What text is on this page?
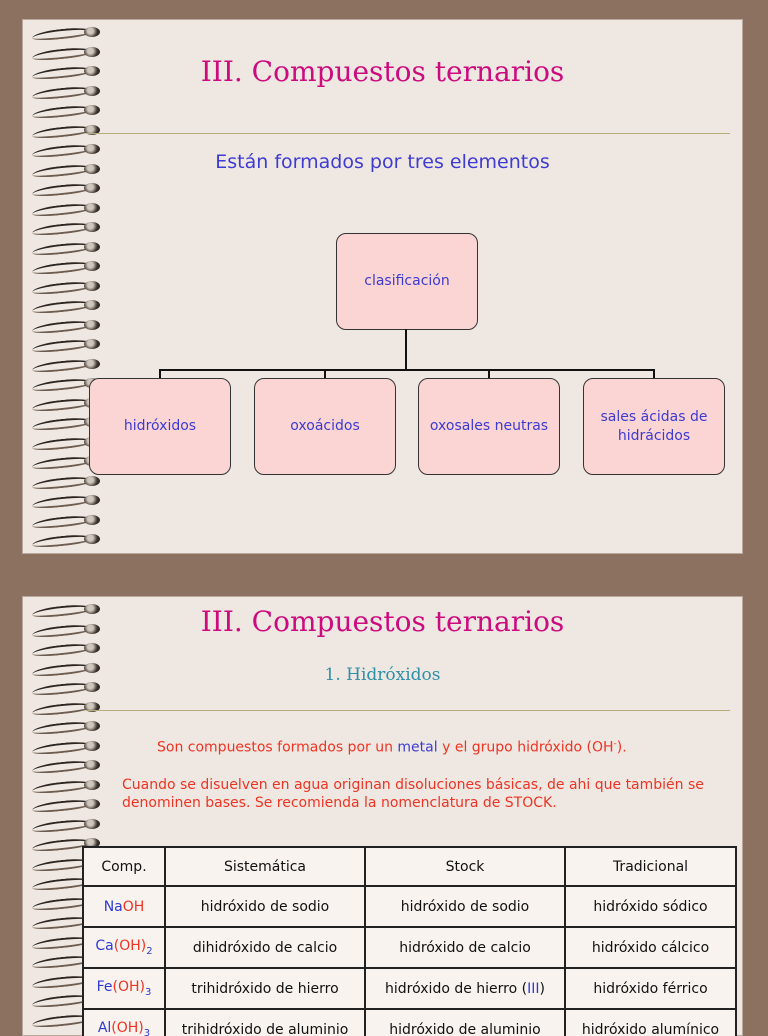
III. Compuestos ternarios
Están formados por tres elementos
clasificación
hidróxidos	oxoácidos	oxosales neutras
sales ácidas de hidrácidos
III. Compuestos ternarios
1. Hidróxidos
Son compuestos formados por un metal y el grupo hidróxido (OH-).
Cuando se disuelven en agua originan disoluciones básicas, de ahi que también se denominen bases. Se recomienda la nomenclatura de STOCK.
Comp.	Sistemática	Stock	Tradicional
NaOH	hidróxido de sodio	hidróxido de sodio	hidróxido sódico
$Ca(OH)_2$	dihidróxido de calcio	hidróxido de calcio	hidróxido cálcico
$Fe(OH)_3$	trihidróxido de hierro	hidróxido de hierro (III)	hidróxido férrico
$Al(OH)_3$	trihidróxido de aluminio	hidróxido de aluminio	hidróxido alumínico
